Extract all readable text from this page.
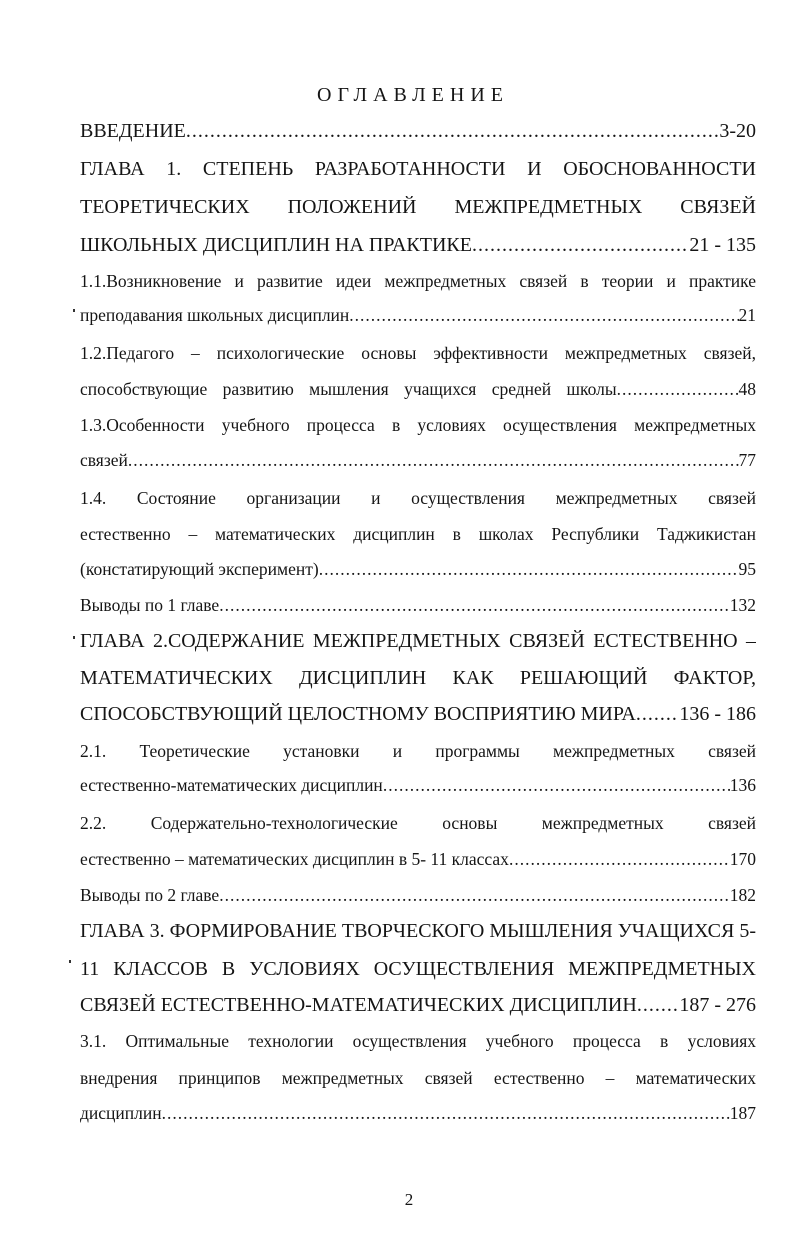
ОГЛАВЛЕНИЕ
ВВЕДЕНИЕ .....	3-20
ГЛАВА 1. СТЕПЕНЬ РАЗРАБОТАННОСТИ И ОБОСНОВАННОСТИ
ТЕОРЕТИЧЕСКИХ ПОЛОЖЕНИЙ МЕЖПРЕДМЕТНЫХ СВЯЗЕЙ
ШКОЛЬНЫХ ДИСЦИПЛИН НА ПРАКТИКЕ .....	21 - 135
1.1.Возникновение и развитие идеи межпредметных связей в теории и практике
преподавания школьных дисциплин .....	21
1.2.Педагого – психологические основы эффективности межпредметных связей,
способствующие развитию мышления учащихся средней школы .....	48
1.3.Особенности учебного процесса в условиях осуществления межпредметных
связей .....	77
1.4. Состояние организации и осуществления межпредметных связей
естественно – математических дисциплин в школах Республики Таджикистан
(констатирующий эксперимент) .....	95
Выводы по 1 главе .....	132
ГЛАВА 2.СОДЕРЖАНИЕ МЕЖПРЕДМЕТНЫХ СВЯЗЕЙ ЕСТЕСТВЕННО –
МАТЕМАТИЧЕСКИХ ДИСЦИПЛИН КАК РЕШАЮЩИЙ ФАКТОР,
СПОСОБСТВУЮЩИЙ ЦЕЛОСТНОМУ ВОСПРИЯТИЮ МИРА ..... 136 - 186
2.1. Теоретические установки и программы межпредметных связей
естественно-математических дисциплин .....	136
2.2. Содержательно-технологические основы межпредметных связей
естественно – математических дисциплин в 5- 11 классах .....	170
Выводы по 2 главе .....	182
ГЛАВА 3. ФОРМИРОВАНИЕ ТВОРЧЕСКОГО МЫШЛЕНИЯ УЧАЩИХСЯ 5-
11 КЛАССОВ В УСЛОВИЯХ ОСУЩЕСТВЛЕНИЯ МЕЖПРЕДМЕТНЫХ
СВЯЗЕЙ ЕСТЕСТВЕННО-МАТЕМАТИЧЕСКИХ ДИСЦИПЛИН ..... 187 - 276
3.1. Оптимальные технологии осуществления учебного процесса в условиях
внедрения принципов межпредметных связей естественно – математических
дисциплин .....	187
2
